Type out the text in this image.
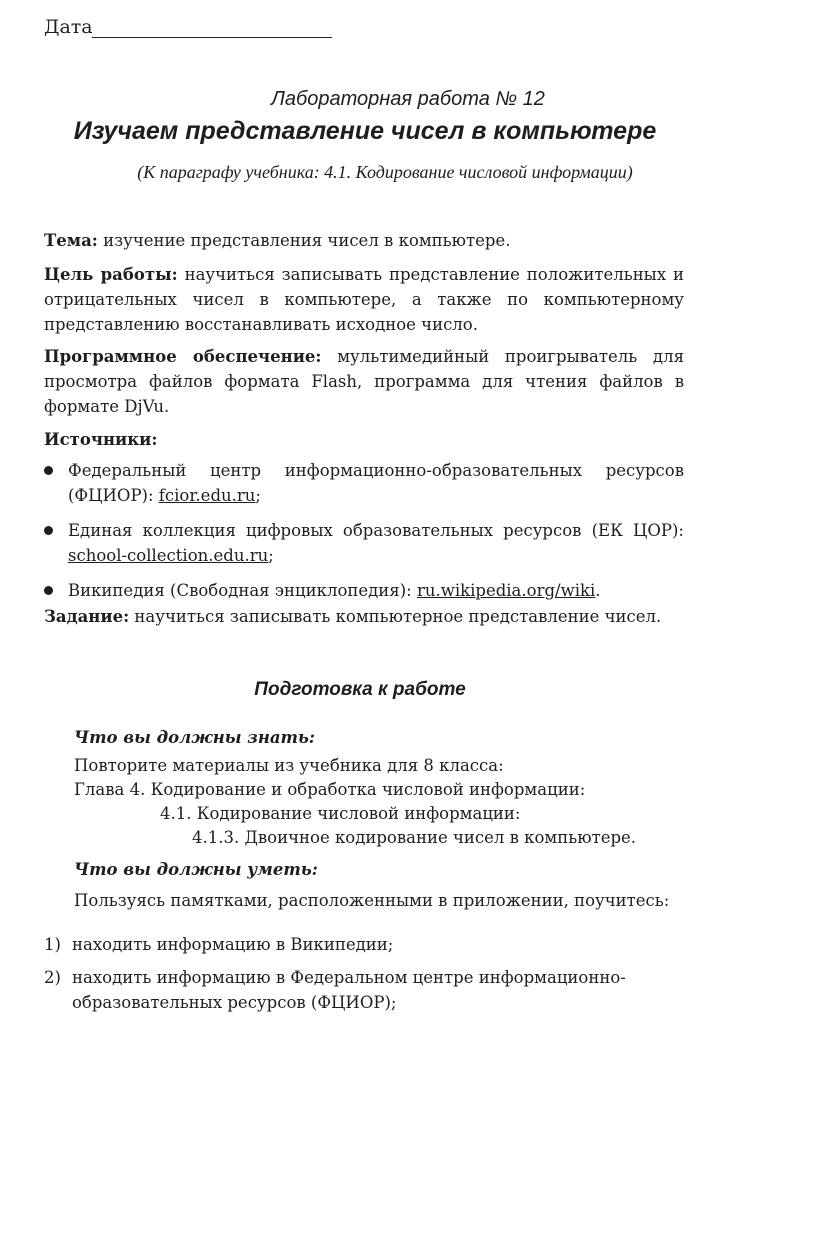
Дата
Лабораторная работа № 12
Изучаем представление чисел в компьютере
(К параграфу учебника: 4.1. Кодирование числовой информации)
Тема: изучение представления чисел в компьютере.
Цель работы: научиться записывать представление положительных и отрицательных чисел в компьютере, а также по компьютерному представлению восстанавливать исходное число.
Программное обеспечение: мультимедийный проигрыватель для просмотра файлов формата Flash, программа для чтения файлов в формате DjVu.
Источники:
Федеральный центр информационно-образовательных ресурсов (ФЦИОР): fcior.edu.ru;
Единая коллекция цифровых образовательных ресурсов (ЕК ЦОР): school-collection.edu.ru;
Википедия (Свободная энциклопедия): ru.wikipedia.org/wiki.
Задание: научиться записывать компьютерное представление чисел.
Подготовка к работе
Что вы должны знать:
Повторите материалы из учебника для 8 класса:
Глава 4. Кодирование и обработка числовой информации:
4.1. Кодирование числовой информации:
4.1.3. Двоичное кодирование чисел в компьютере.
Что вы должны уметь:
Пользуясь памятками, расположенными в приложении, поучитесь:
1) находить информацию в Википедии;
2) находить информацию в Федеральном центре информационно-образовательных ресурсов (ФЦИОР);
